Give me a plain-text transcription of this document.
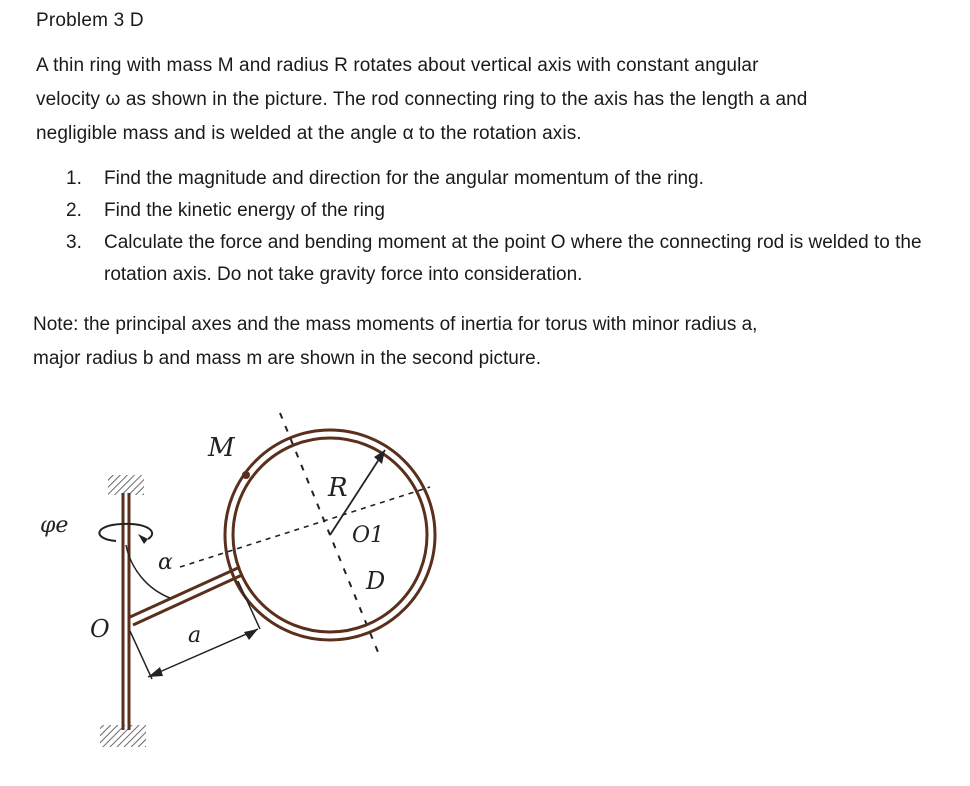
Problem 3 D

A thin ring with mass M and radius R rotates about vertical axis with constant angular

velocity ω as shown in the picture. The rod connecting ring to the axis has the length a and

negligible mass and is welded at the angle α to the rotation axis.

1.	Find the magnitude and direction for the angular momentum of the ring.
2.	Find the kinetic energy of the ring
3.	Calculate the force and bending moment at the point O where the connecting rod is welded to the rotation axis. Do not take gravity force into consideration.

Note: the principal axes and the mass moments of inertia for torus with minor radius a,

major radius b and mass m are shown in the second picture.

φe
M
R
α
a
O
O1
D
